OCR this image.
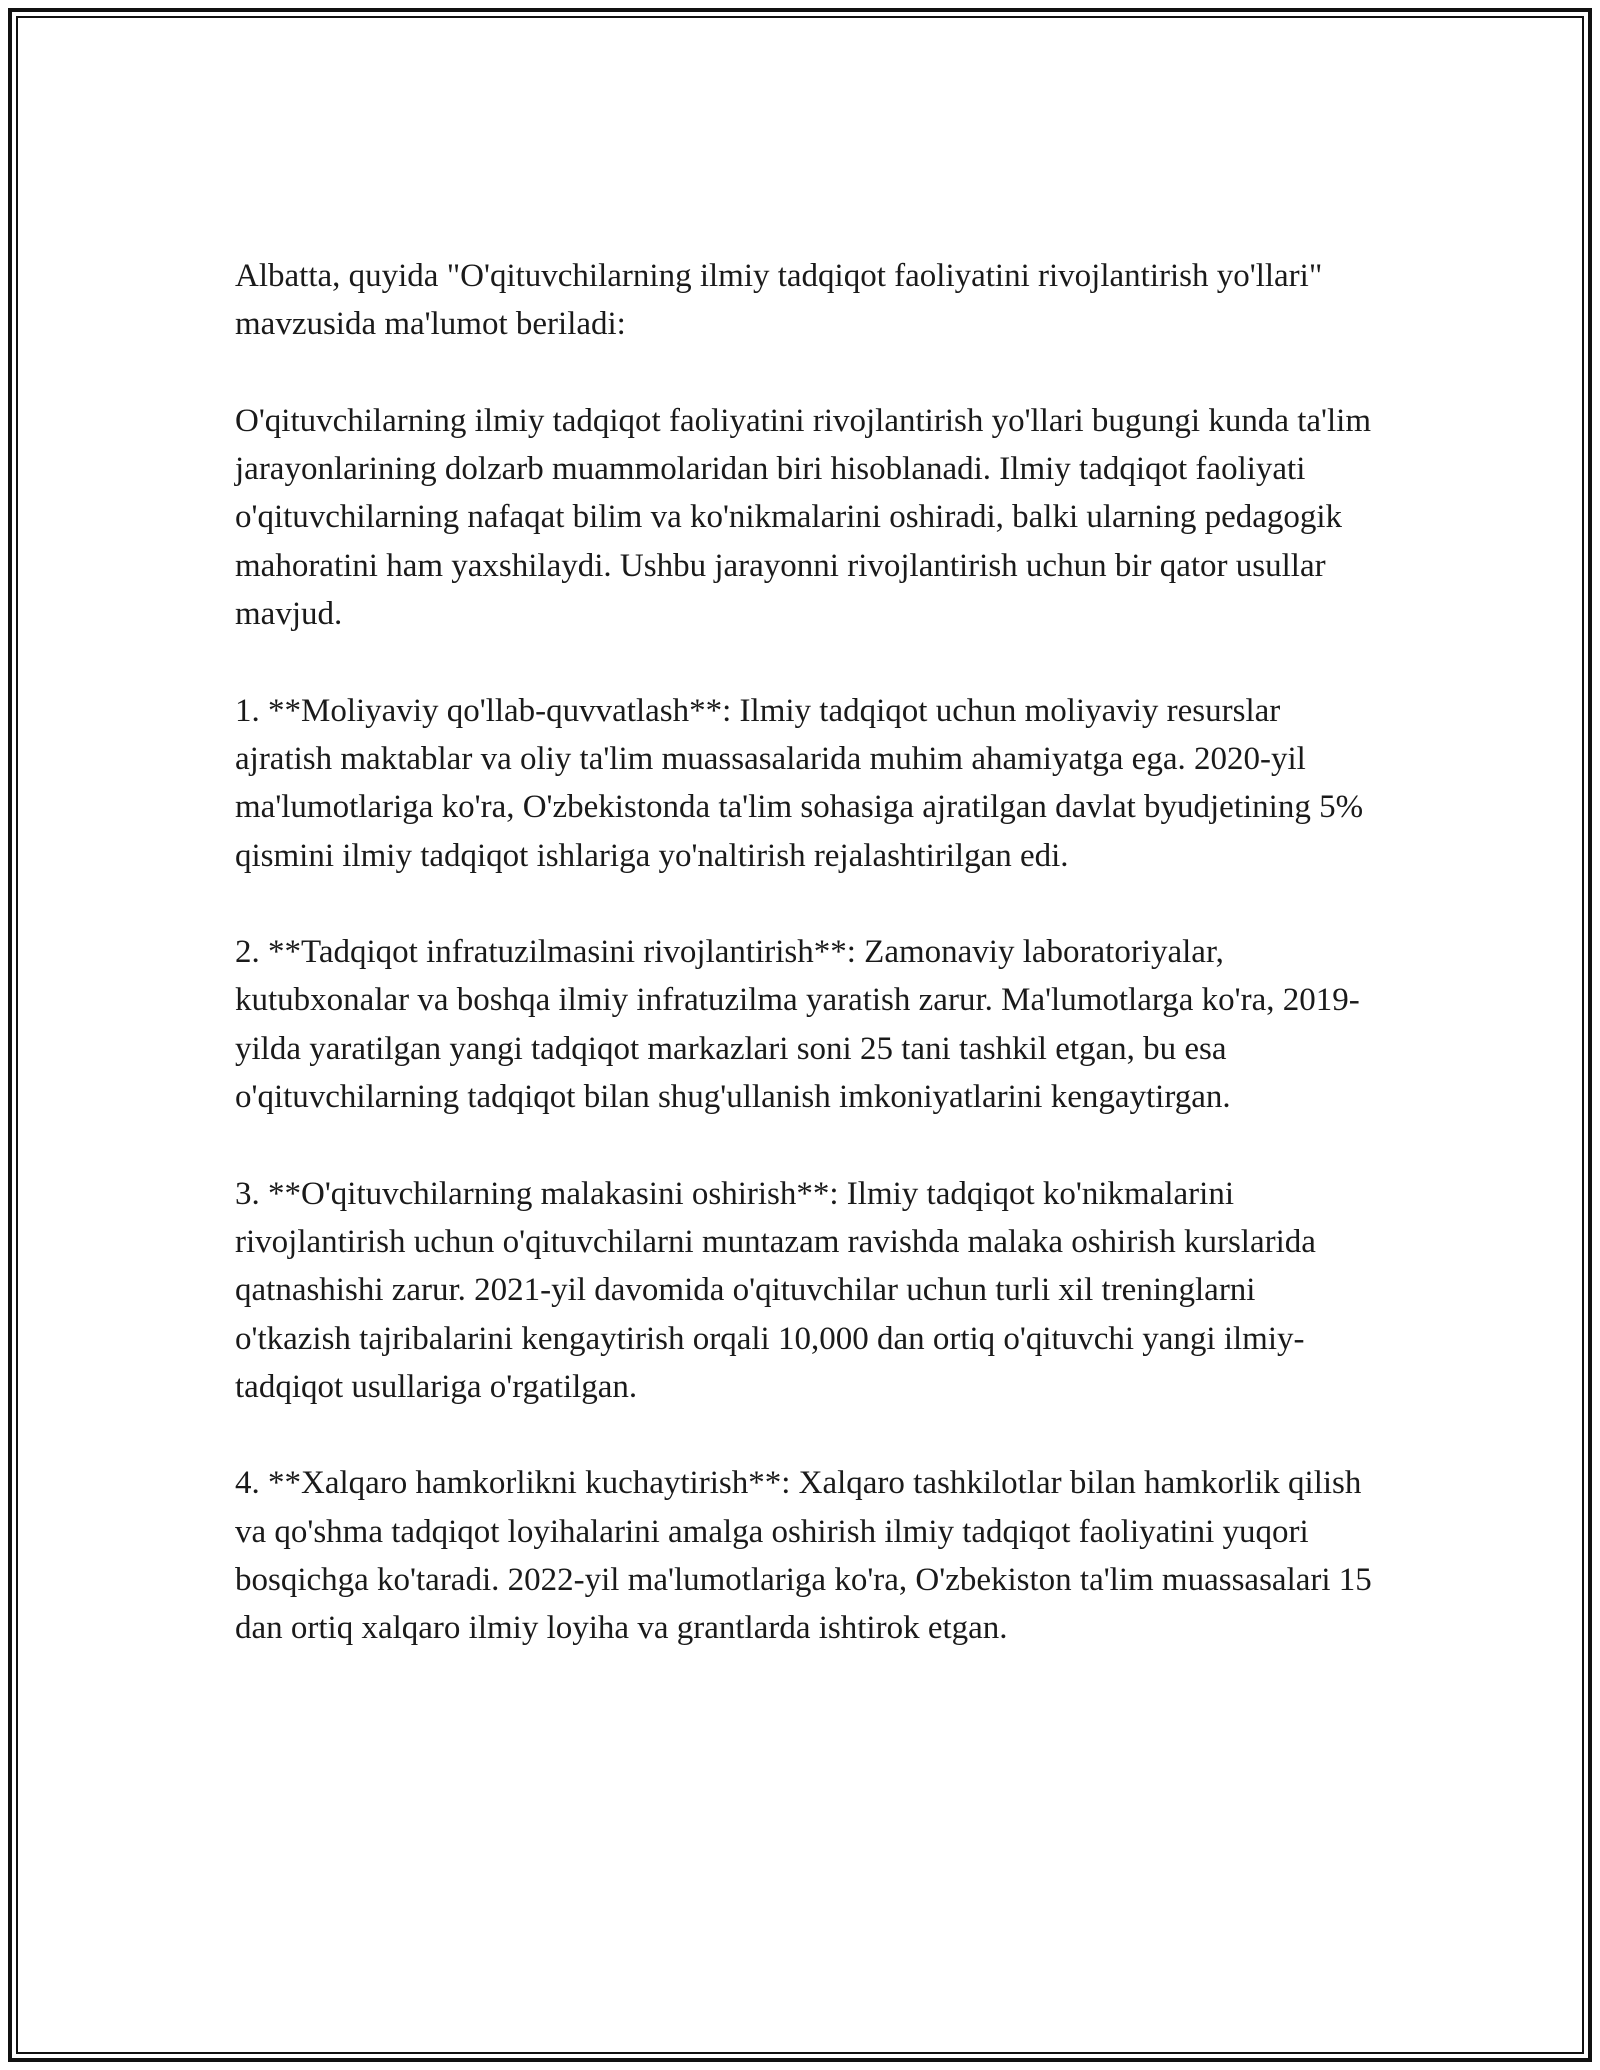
Albatta, quyida "O'qituvchilarning ilmiy tadqiqot faoliyatini rivojlantirish yo'llari" mavzusida ma'lumot beriladi:

O'qituvchilarning ilmiy tadqiqot faoliyatini rivojlantirish yo'llari bugungi kunda ta'lim jarayonlarining dolzarb muammolaridan biri hisoblanadi. Ilmiy tadqiqot faoliyati o'qituvchilarning nafaqat bilim va ko'nikmalarini oshiradi, balki ularning pedagogik mahoratini ham yaxshilaydi. Ushbu jarayonni rivojlantirish uchun bir qator usullar mavjud.

1. **Moliyaviy qo'llab-quvvatlash**: Ilmiy tadqiqot uchun moliyaviy resurslar ajratish maktablar va oliy ta'lim muassasalarida muhim ahamiyatga ega. 2020-yil ma'lumotlariga ko'ra, O'zbekistonda ta'lim sohasiga ajratilgan davlat byudjetining 5% qismini ilmiy tadqiqot ishlariga yo'naltirish rejalashtirilgan edi.

2. **Tadqiqot infratuzilmasini rivojlantirish**: Zamonaviy laboratoriyalar, kutubxonalar va boshqa ilmiy infratuzilma yaratish zarur. Ma'lumotlarga ko'ra, 2019-yilda yaratilgan yangi tadqiqot markazlari soni 25 tani tashkil etgan, bu esa o'qituvchilarning tadqiqot bilan shug'ullanish imkoniyatlarini kengaytirgan.

3. **O'qituvchilarning malakasini oshirish**: Ilmiy tadqiqot ko'nikmalarini rivojlantirish uchun o'qituvchilarni muntazam ravishda malaka oshirish kurslarida qatnashishi zarur. 2021-yil davomida o'qituvchilar uchun turli xil treninglarni o'tkazish tajribalarini kengaytirish orqali 10,000 dan ortiq o'qituvchi yangi ilmiy-tadqiqot usullariga o'rgatilgan.

4. **Xalqaro hamkorlikni kuchaytirish**: Xalqaro tashkilotlar bilan hamkorlik qilish va qo'shma tadqiqot loyihalarini amalga oshirish ilmiy tadqiqot faoliyatini yuqori bosqichga ko'taradi. 2022-yil ma'lumotlariga ko'ra, O'zbekiston ta'lim muassasalari 15 dan ortiq xalqaro ilmiy loyiha va grantlarda ishtirok etgan.
